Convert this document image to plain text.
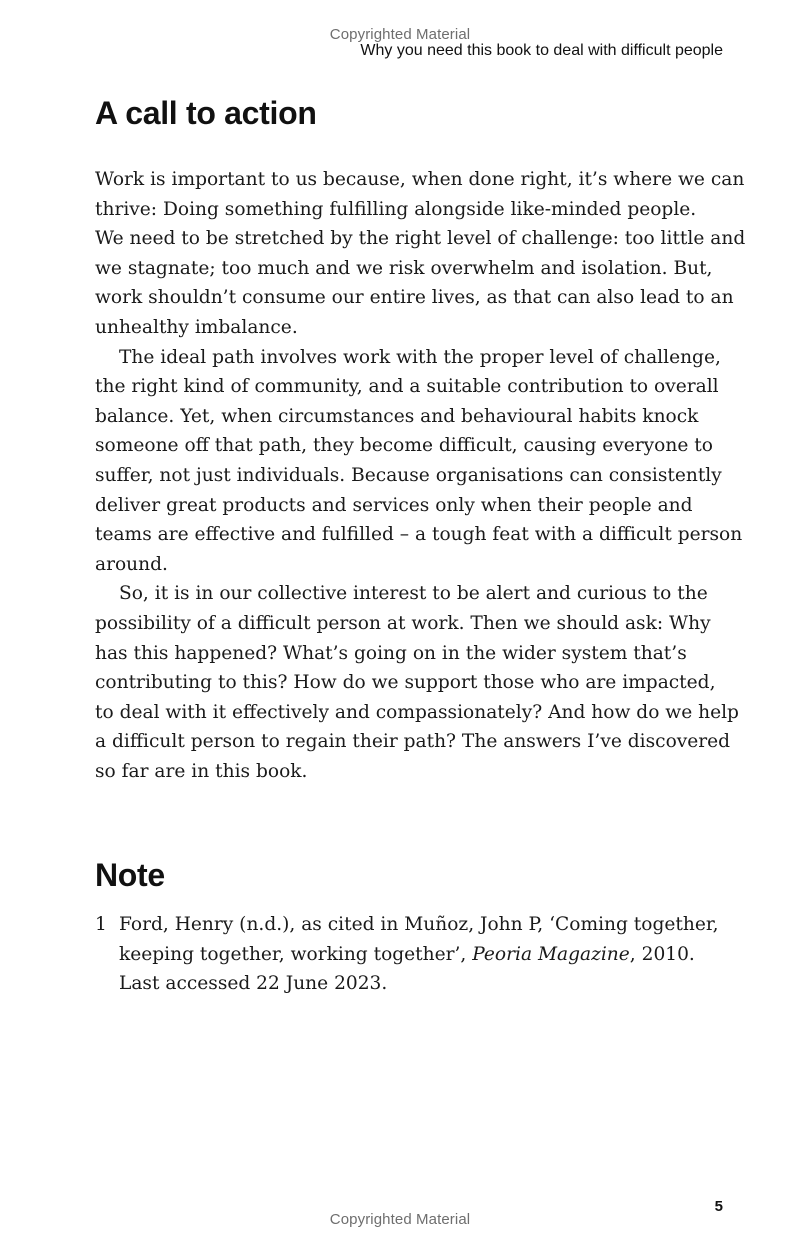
Copyrighted Material
Why you need this book to deal with difficult people
A call to action
Work is important to us because, when done right, it’s where we can
thrive: Doing something fulfilling alongside like-minded people.
We need to be stretched by the right level of challenge: too little and
we stagnate; too much and we risk overwhelm and isolation. But,
work shouldn’t consume our entire lives, as that can also lead to an
unhealthy imbalance.
The ideal path involves work with the proper level of challenge,
the right kind of community, and a suitable contribution to overall
balance. Yet, when circumstances and behavioural habits knock
someone off that path, they become difficult, causing everyone to
suffer, not just individuals. Because organisations can consistently
deliver great products and services only when their people and
teams are effective and fulfilled – a tough feat with a difficult person
around.
So, it is in our collective interest to be alert and curious to the
possibility of a difficult person at work. Then we should ask: Why
has this happened? What’s going on in the wider system that’s
contributing to this? How do we support those who are impacted,
to deal with it effectively and compassionately? And how do we help
a difficult person to regain their path? The answers I’ve discovered
so far are in this book.
Note
1 Ford, Henry (n.d.), as cited in Muñoz, John P, ‘Coming together,
keeping together, working together’, Peoria Magazine, 2010.
Last accessed 22 June 2023.
5
Copyrighted Material
